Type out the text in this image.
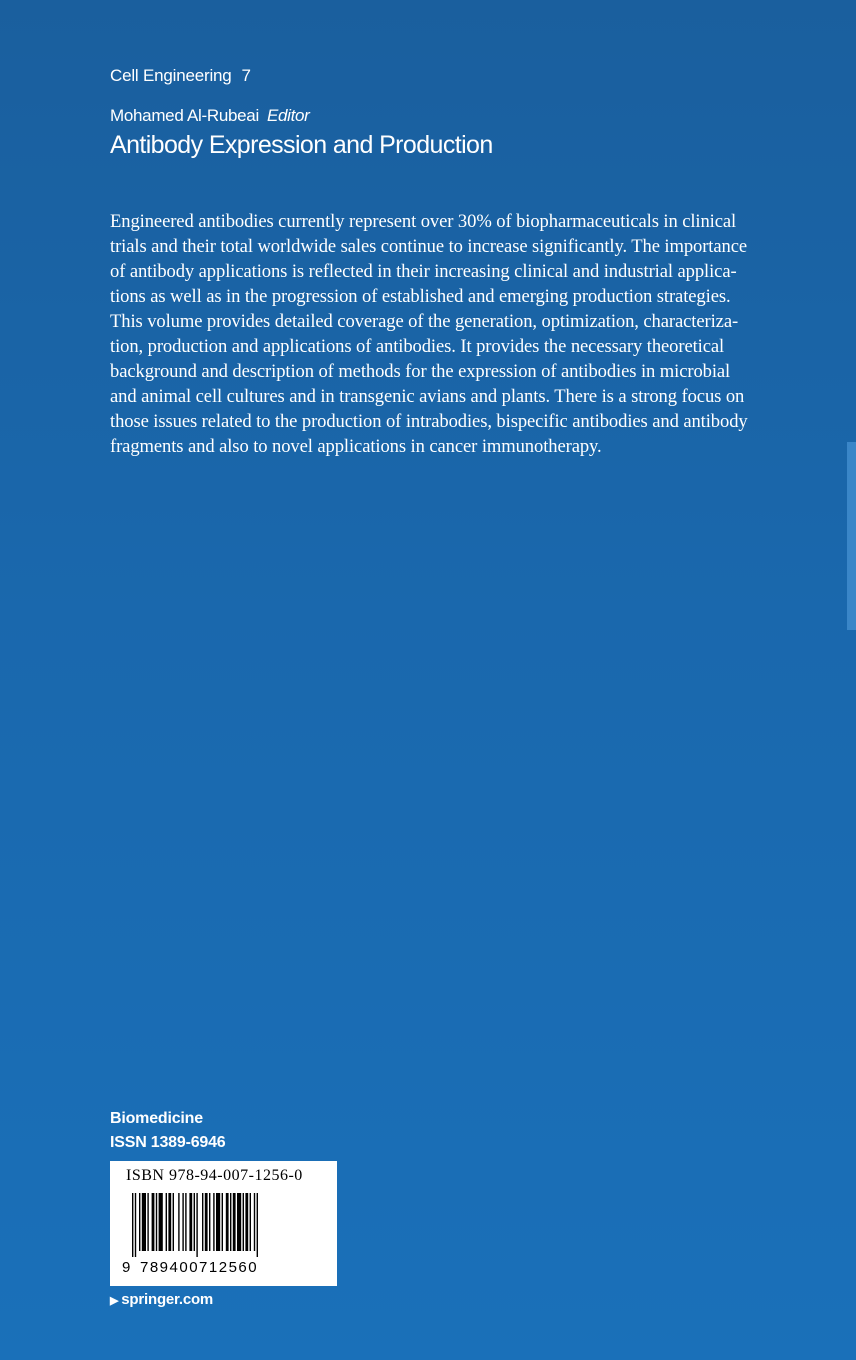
Cell Engineering 7
Mohamed Al-Rubeai Editor
Antibody Expression and Production

Engineered antibodies currently represent over 30% of biopharmaceuticals in clinical
trials and their total worldwide sales continue to increase significantly. The importance
of antibody applications is reflected in their increasing clinical and industrial applica-
tions as well as in the progression of established and emerging production strategies.
This volume provides detailed coverage of the generation, optimization, characteriza-
tion, production and applications of antibodies. It provides the necessary theoretical
background and description of methods for the expression of antibodies in microbial
and animal cell cultures and in transgenic avians and plants. There is a strong focus on
those issues related to the production of intrabodies, bispecific antibodies and antibody
fragments and also to novel applications in cancer immunotherapy.

Biomedicine
ISSN 1389-6946
ISBN 978-94-007-1256-0
9 789400712560
▶ springer.com
